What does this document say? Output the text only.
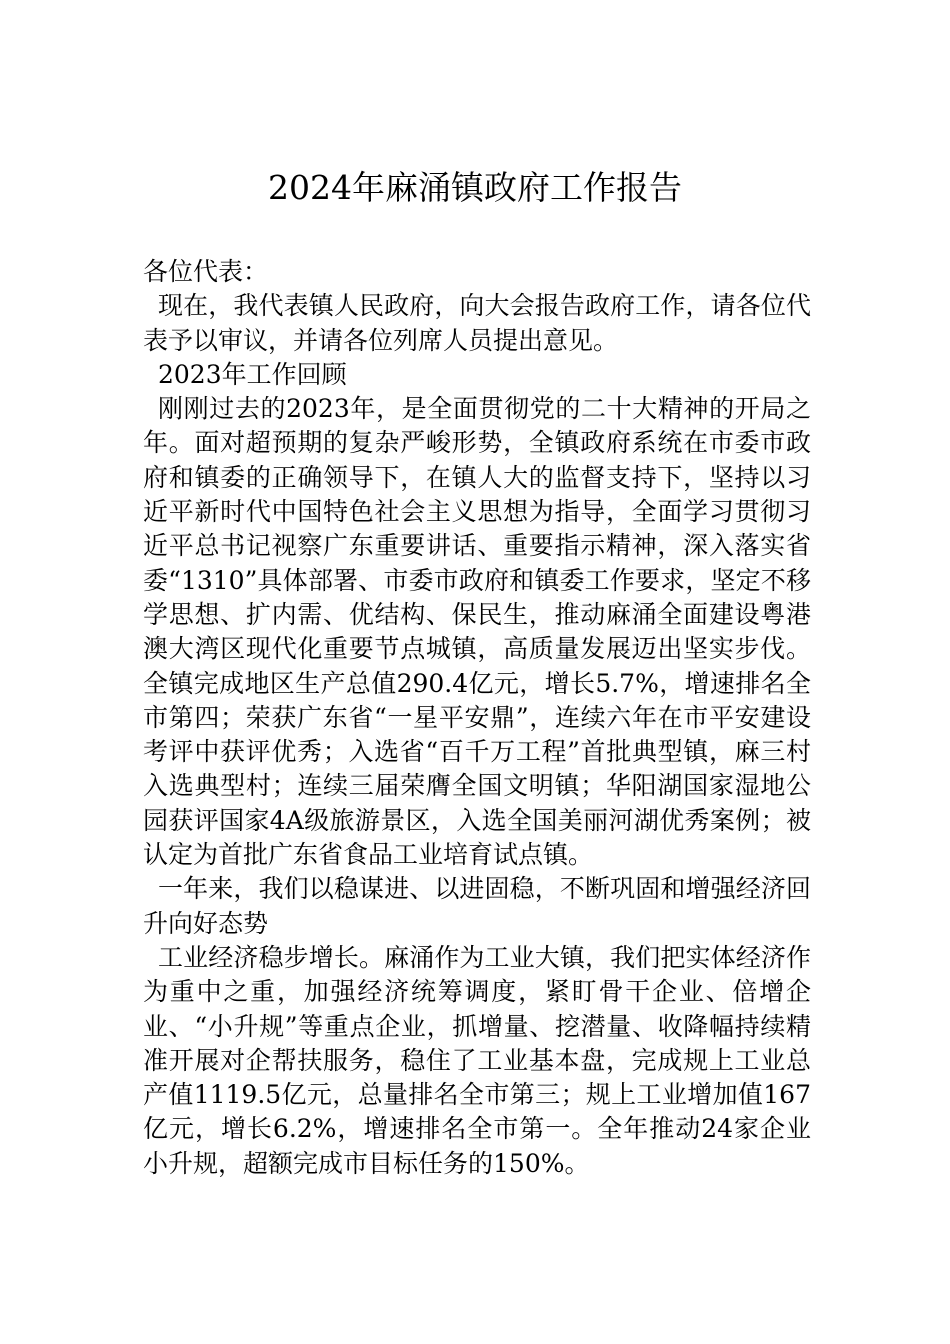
2024年麻涌镇政府工作报告

各位代表：

现在，我代表镇人民政府，向大会报告政府工作，请各位代表予以审议，并请各位列席人员提出意见。

2023年工作回顾

刚刚过去的2023年，是全面贯彻党的二十大精神的开局之年。面对超预期的复杂严峻形势，全镇政府系统在市委市政府和镇委的正确领导下，在镇人大的监督支持下，坚持以习近平新时代中国特色社会主义思想为指导，全面学习贯彻习近平总书记视察广东重要讲话、重要指示精神，深入落实省委“1310”具体部署、市委市政府和镇委工作要求，坚定不移学思想、扩内需、优结构、保民生，推动麻涌全面建设粤港澳大湾区现代化重要节点城镇，高质量发展迈出坚实步伐。全镇完成地区生产总值290.4亿元，增长5.7%，增速排名全市第四；荣获广东省“一星平安鼎”，连续六年在市平安建设考评中获评优秀；入选省“百千万工程”首批典型镇，麻三村入选典型村；连续三届荣膺全国文明镇；华阳湖国家湿地公园获评国家4A级旅游景区，入选全国美丽河湖优秀案例；被认定为首批广东省食品工业培育试点镇。

一年来，我们以稳谋进、以进固稳，不断巩固和增强经济回升向好态势

工业经济稳步增长。麻涌作为工业大镇，我们把实体经济作为重中之重，加强经济统筹调度，紧盯骨干企业、倍增企业、“小升规”等重点企业，抓增量、挖潜量、收降幅持续精准开展对企帮扶服务，稳住了工业基本盘，完成规上工业总产值1119.5亿元，总量排名全市第三；规上工业增加值167亿元，增长6.2%，增速排名全市第一。全年推动24家企业小升规，超额完成市目标任务的150%。
